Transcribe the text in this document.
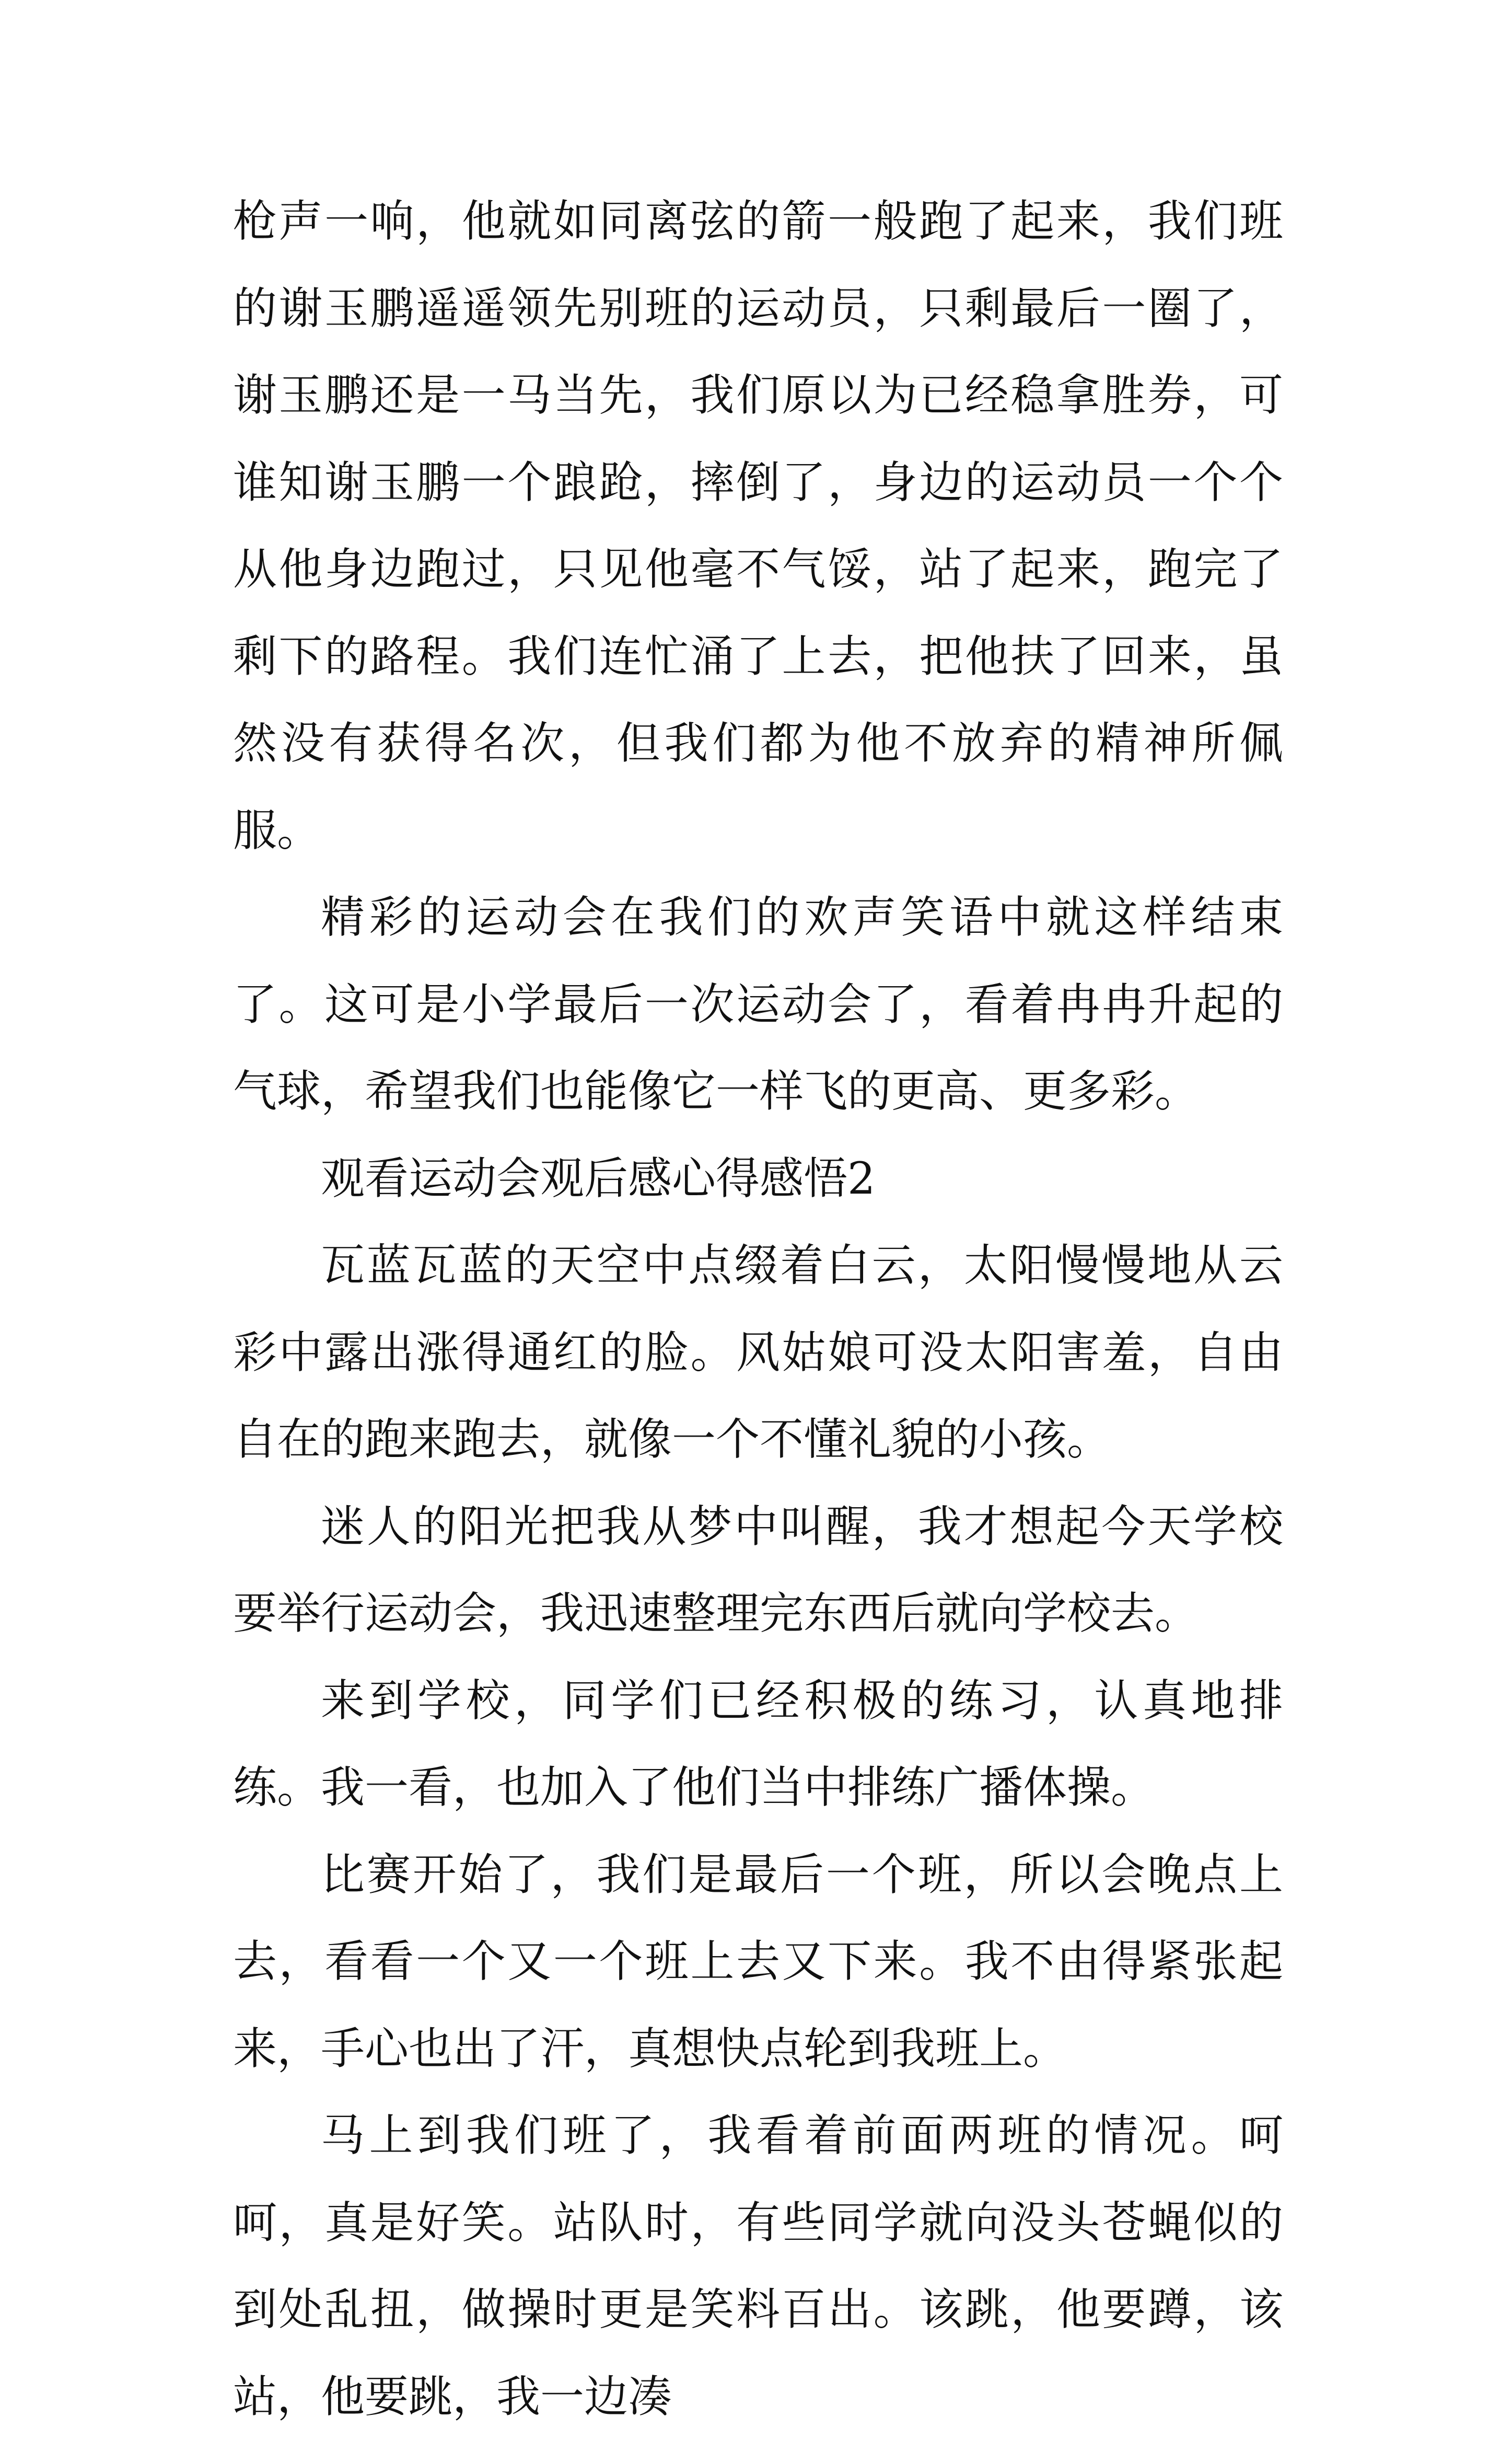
枪声一响，他就如同离弦的箭一般跑了起来，我们班的谢玉鹏遥遥领先别班的运动员，只剩最后一圈了，谢玉鹏还是一马当先，我们原以为已经稳拿胜券，可谁知谢玉鹏一个踉跄，摔倒了，身边的运动员一个个从他身边跑过，只见他毫不气馁，站了起来，跑完了剩下的路程。我们连忙涌了上去，把他扶了回来，虽然没有获得名次，但我们都为他不放弃的精神所佩服。

精彩的运动会在我们的欢声笑语中就这样结束了。这可是小学最后一次运动会了，看着冉冉升起的气球，希望我们也能像它一样飞的更高、更多彩。

观看运动会观后感心得感悟2

瓦蓝瓦蓝的天空中点缀着白云，太阳慢慢地从云彩中露出涨得通红的脸。风姑娘可没太阳害羞，自由自在的跑来跑去，就像一个不懂礼貌的小孩。

迷人的阳光把我从梦中叫醒，我才想起今天学校要举行运动会，我迅速整理完东西后就向学校去。

来到学校，同学们已经积极的练习，认真地排练。我一看，也加入了他们当中排练广播体操。

比赛开始了，我们是最后一个班，所以会晚点上去，看看一个又一个班上去又下来。我不由得紧张起来，手心也出了汗，真想快点轮到我班上。

马上到我们班了，我看着前面两班的情况。呵呵，真是好笑。站队时，有些同学就向没头苍蝇似的到处乱扭，做操时更是笑料百出。该跳，他要蹲，该站，他要跳，我一边凑
